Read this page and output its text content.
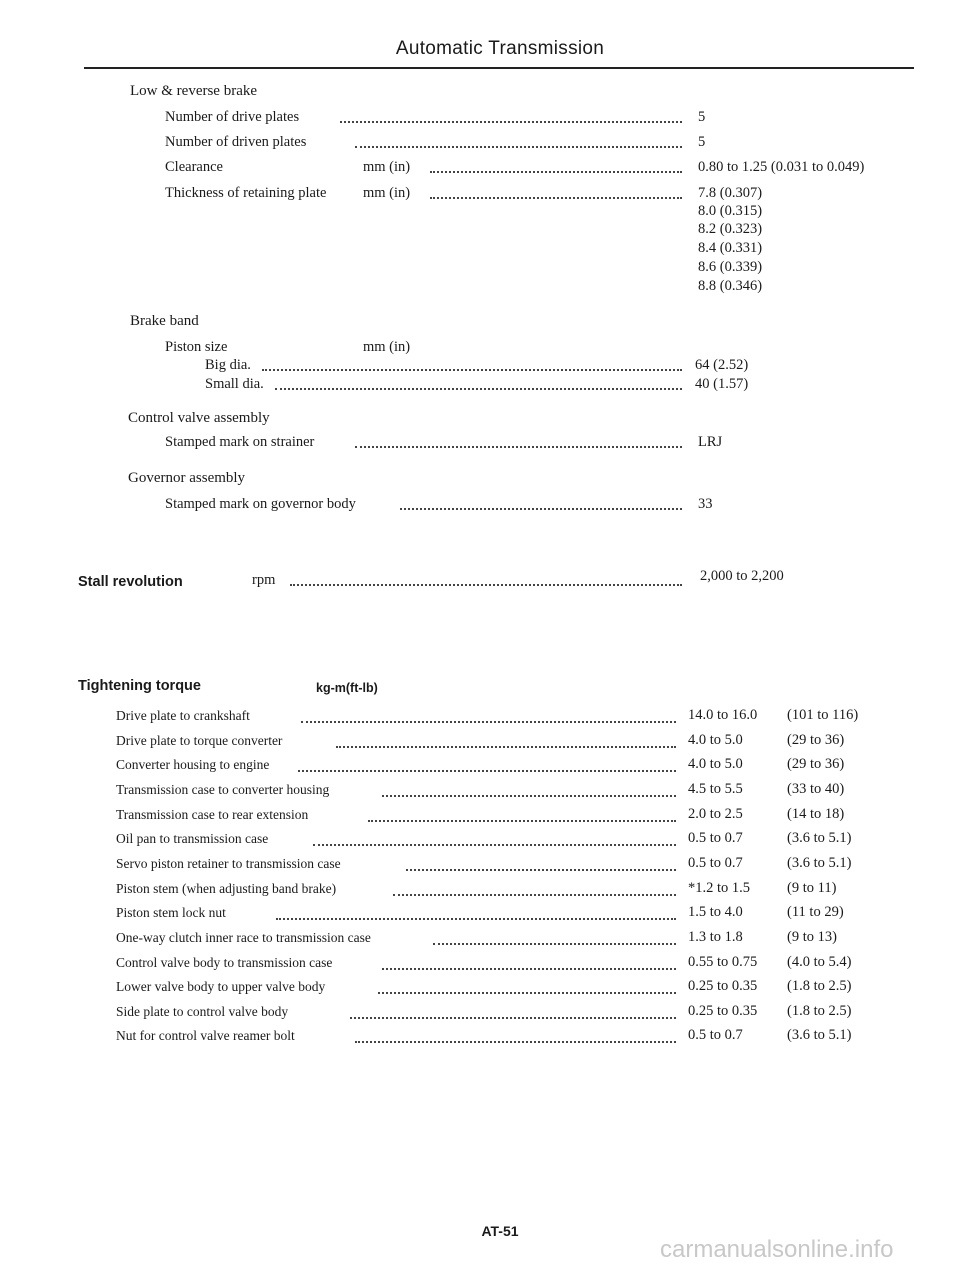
Automatic Transmission
Low & reverse brake
Number of drive plates	5
Number of driven plates	5
Clearance	mm (in)	0.80 to 1.25 (0.031 to 0.049)
Thickness of retaining plate	mm (in)	7.8 (0.307)
8.0 (0.315)
8.2 (0.323)
8.4 (0.331)
8.6 (0.339)
8.8 (0.346)
Brake band
Piston size	mm (in)
Big dia.	64 (2.52)
Small dia.	40 (1.57)
Control valve assembly
Stamped mark on strainer	LRJ
Governor assembly
Stamped mark on governor body	33
Stall revolution	rpm	2,000 to 2,200
Tightening torque	kg-m(ft-lb)
Drive plate to crankshaft	14.0 to 16.0 (101 to 116)
Drive plate to torque converter	4.0 to 5.0	(29 to 36)
Converter housing to engine	4.0 to 5.0	(29 to 36)
Transmission case to converter housing	4.5 to 5.5	(33 to 40)
Transmission case to rear extension	2.0 to 2.5	(14 to 18)
Oil pan to transmission case	0.5 to 0.7	(3.6 to 5.1)
Servo piston retainer to transmission case	0.5 to 0.7	(3.6 to 5.1)
Piston stem (when adjusting band brake)	*1.2 to 1.5	(9 to 11)
Piston stem lock nut	1.5 to 4.0	(11 to 29)
One-way clutch inner race to transmission case	1.3 to 1.8	(9 to 13)
Control valve body to transmission case	0.55 to 0.75 (4.0 to 5.4)
Lower valve body to upper valve body	0.25 to 0.35 (1.8 to 2.5)
Side plate to control valve body	0.25 to 0.35 (1.8 to 2.5)
Nut for control valve reamer bolt	0.5 to 0.7	(3.6 to 5.1)
AT-51
carmanualsonline.info
